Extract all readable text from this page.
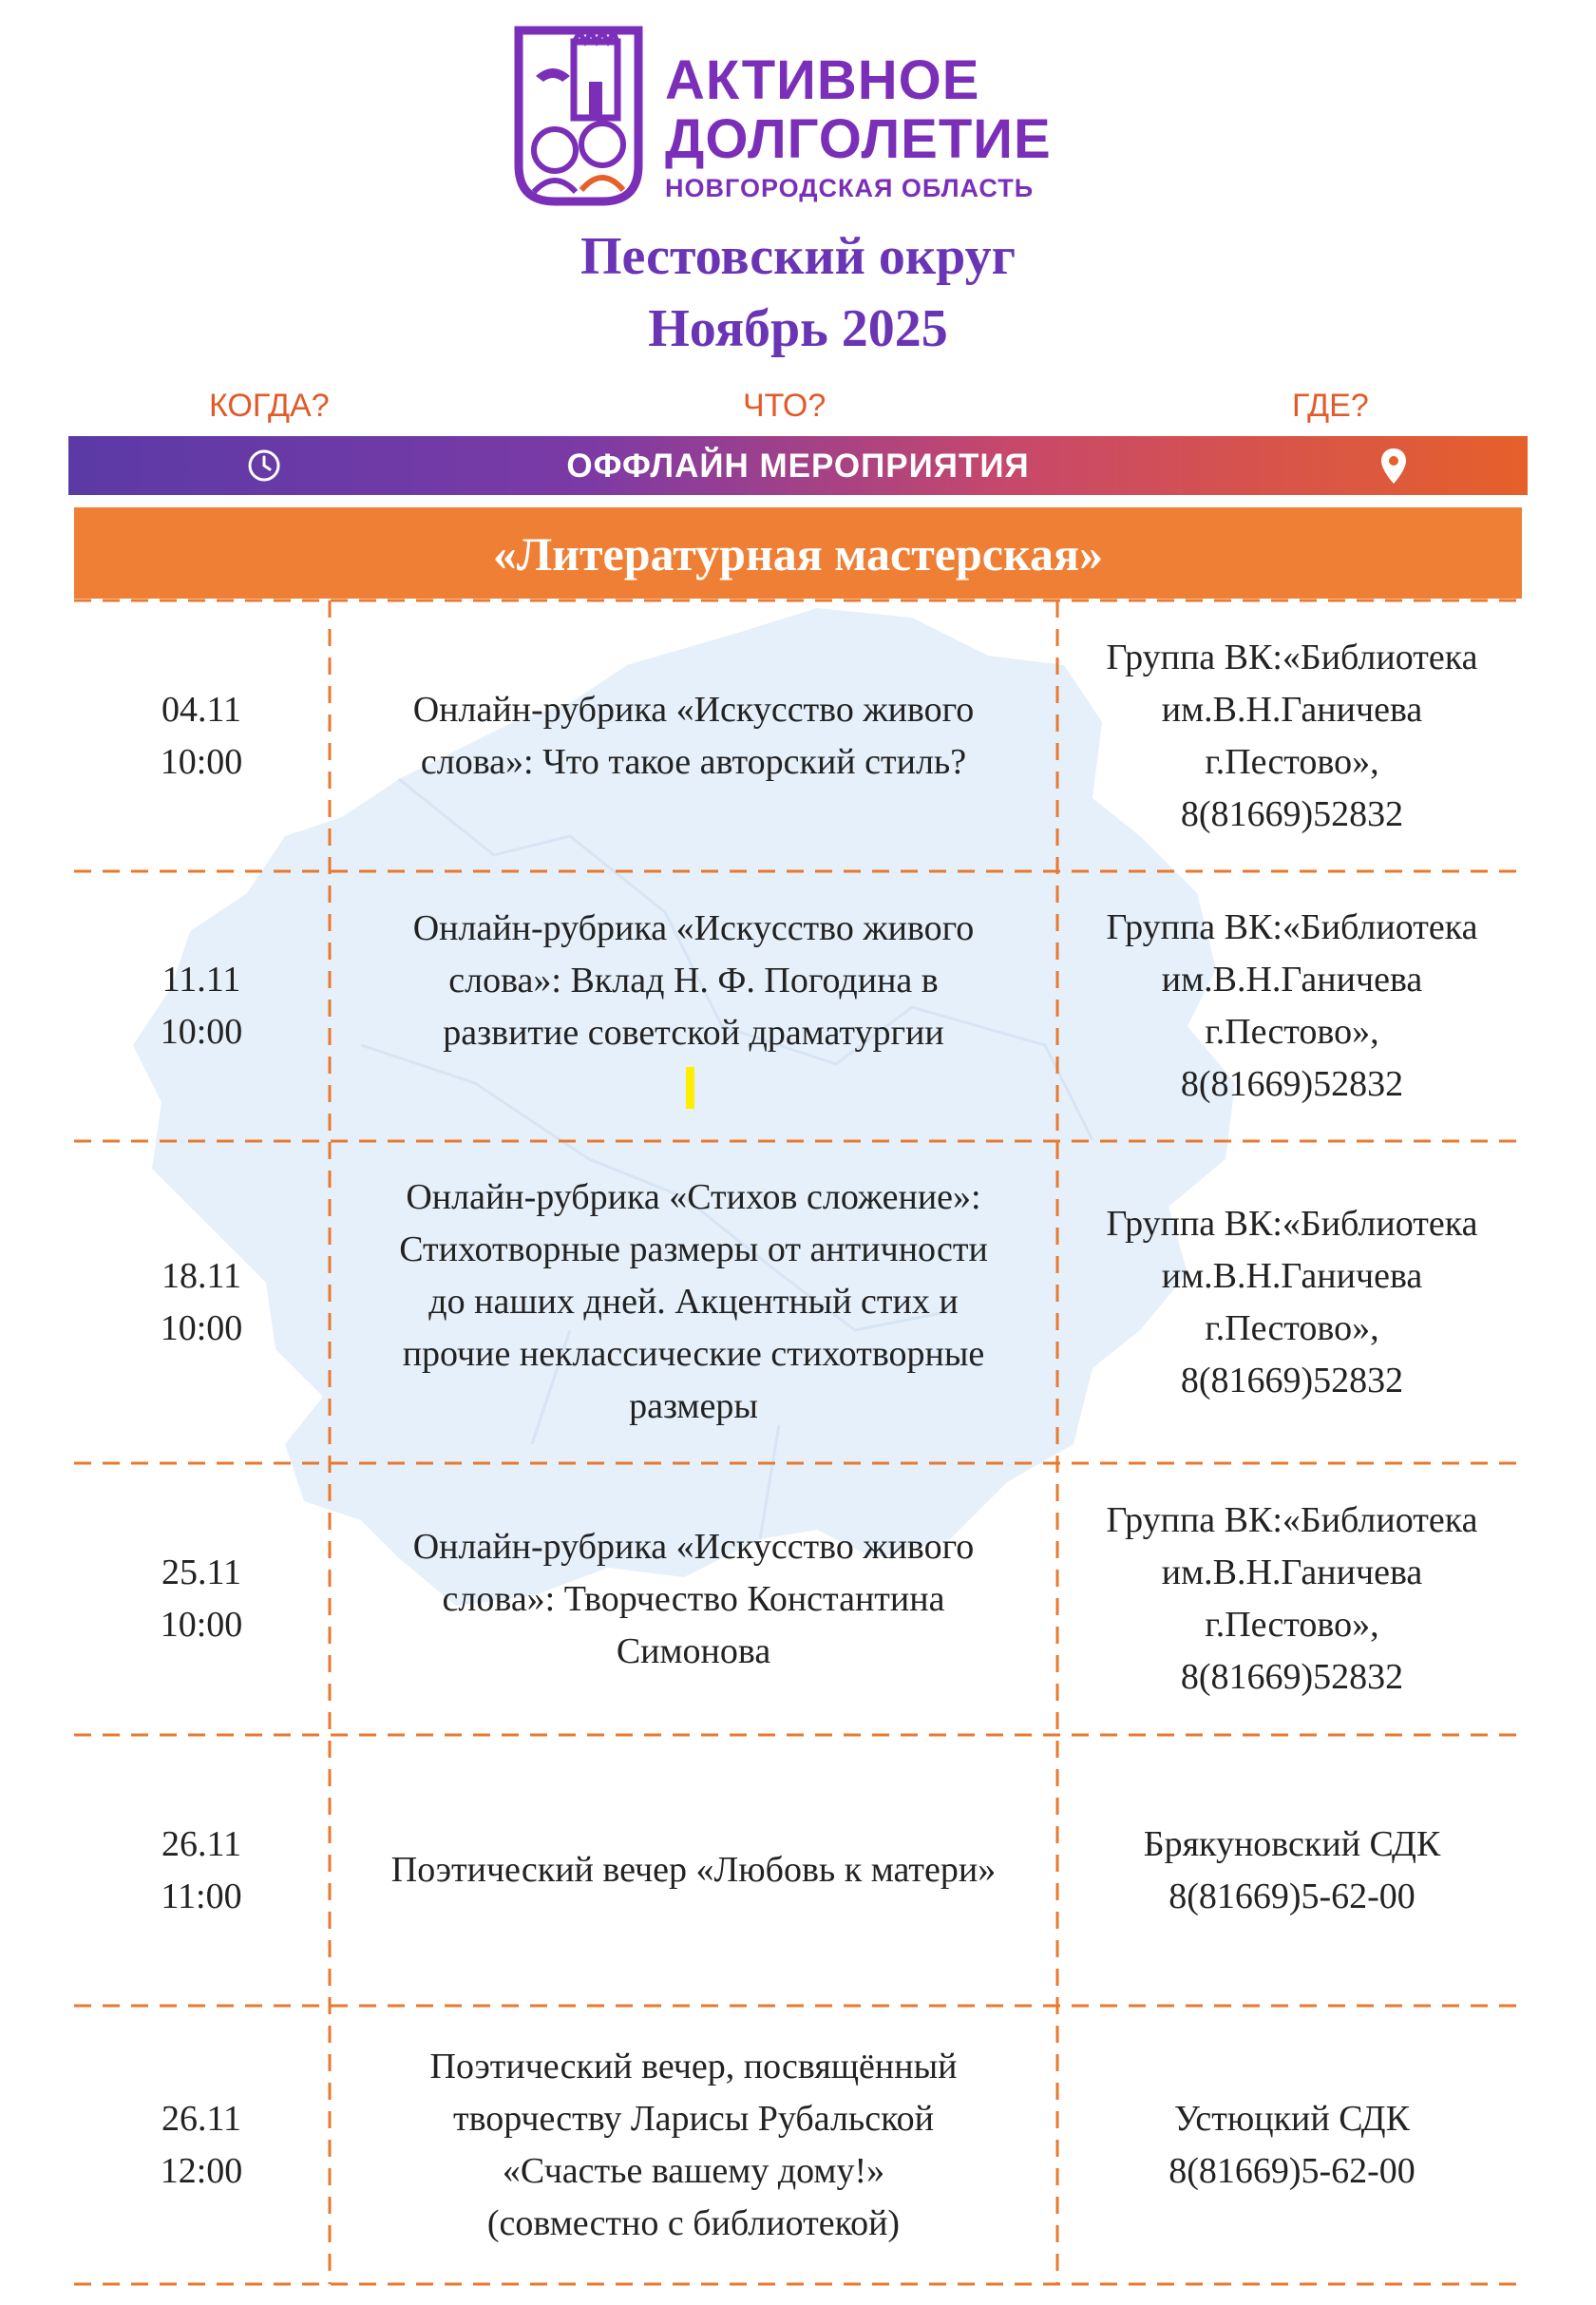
АКТИВНОЕ
ДОЛГОЛЕТИЕ
НОВГОРОДСКАЯ ОБЛАСТЬ
Пестовский округ
Ноябрь 2025
КОГДА?	ЧТО?	ГДЕ?
ОФФЛАЙН МЕРОПРИЯТИЯ
«Литературная мастерская»
04.11
10:00
Онлайн-рубрика «Искусство живого
слова»: Что такое авторский стиль?
Группа ВК:«Библиотека
им.В.Н.Ганичева
г.Пестово»,
8(81669)52832
11.11
10:00
Онлайн-рубрика «Искусство живого
слова»: Вклад Н. Ф. Погодина в
развитие советской драматургии
Группа ВК:«Библиотека
им.В.Н.Ганичева
г.Пестово»,
8(81669)52832
18.11
10:00
Онлайн-рубрика «Стихов сложение»:
Стихотворные размеры от античности
до наших дней. Акцентный стих и
прочие неклассические стихотворные
размеры
Группа ВК:«Библиотека
им.В.Н.Ганичева
г.Пестово»,
8(81669)52832
25.11
10:00
Онлайн-рубрика «Искусство живого
слова»: Творчество Константина
Симонова
Группа ВК:«Библиотека
им.В.Н.Ганичева
г.Пестово»,
8(81669)52832
26.11
11:00
Поэтический вечер «Любовь к матери»
Брякуновский СДК
8(81669)5-62-00
26.11
12:00
Поэтический вечер, посвящённый
творчеству Ларисы Рубальской
«Счастье вашему дому!»
(совместно с библиотекой)
Устюцкий СДК
8(81669)5-62-00
